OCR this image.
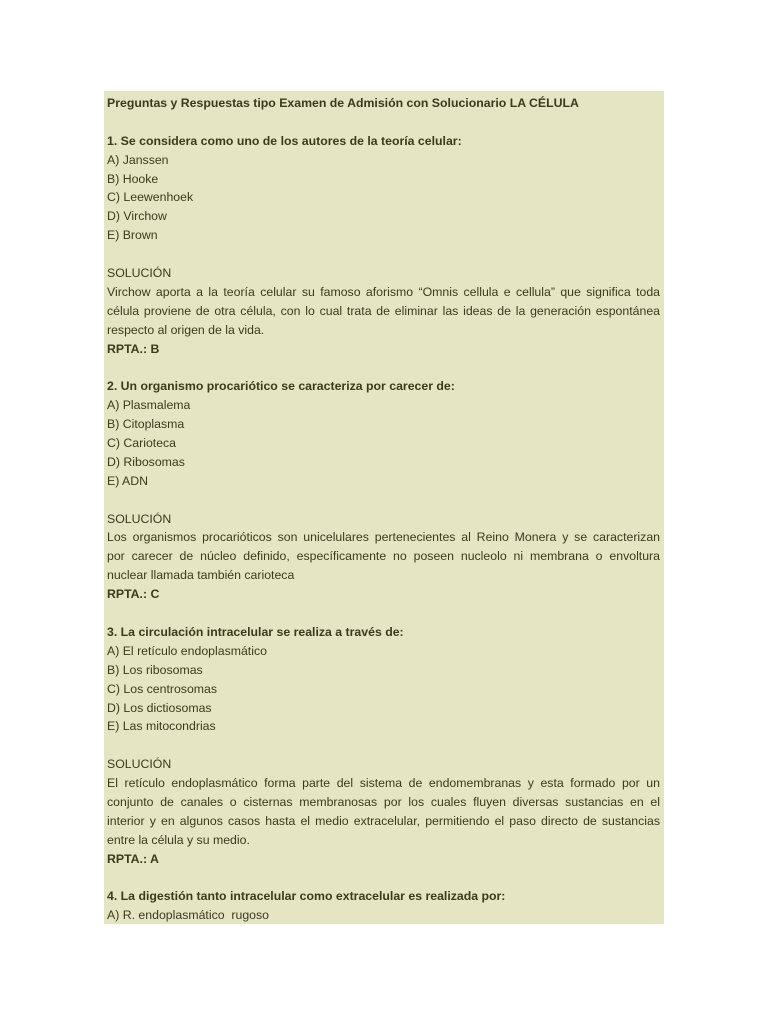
Preguntas y Respuestas tipo Examen de Admisión con Solucionario LA CÉLULA
1. Se considera como uno de los autores de la teoría celular:
A) Janssen
B) Hooke
C) Leewenhoek
D) Virchow
E) Brown
SOLUCIÓN
Virchow aporta a la teoría celular su famoso aforismo “Omnis cellula e cellula” que significa toda
célula proviene de otra célula, con lo cual trata de eliminar las ideas de la generación espontánea
respecto al origen de la vida.
RPTA.: B
2. Un organismo procariótico se caracteriza por carecer de:
A) Plasmalema
B) Citoplasma
C) Carioteca
D) Ribosomas
E) ADN
SOLUCIÓN
Los organismos procarióticos son unicelulares pertenecientes al Reino Monera y se caracterizan
por carecer de núcleo definido, específicamente no poseen nucleolo ni membrana o envoltura
nuclear llamada también carioteca
RPTA.: C
3. La circulación intracelular se realiza a través de:
A) El retículo endoplasmático
B) Los ribosomas
C) Los centrosomas
D) Los dictiosomas
E) Las mitocondrias
SOLUCIÓN
El retículo endoplasmático forma parte del sistema de endomembranas y esta formado por un
conjunto de canales o cisternas membranosas por los cuales fluyen diversas sustancias en el
interior y en algunos casos hasta el medio extracelular, permitiendo el paso directo de sustancias
entre la célula y su medio.
RPTA.: A
4. La digestión tanto intracelular como extracelular es realizada por:
A) R. endoplasmático  rugoso
